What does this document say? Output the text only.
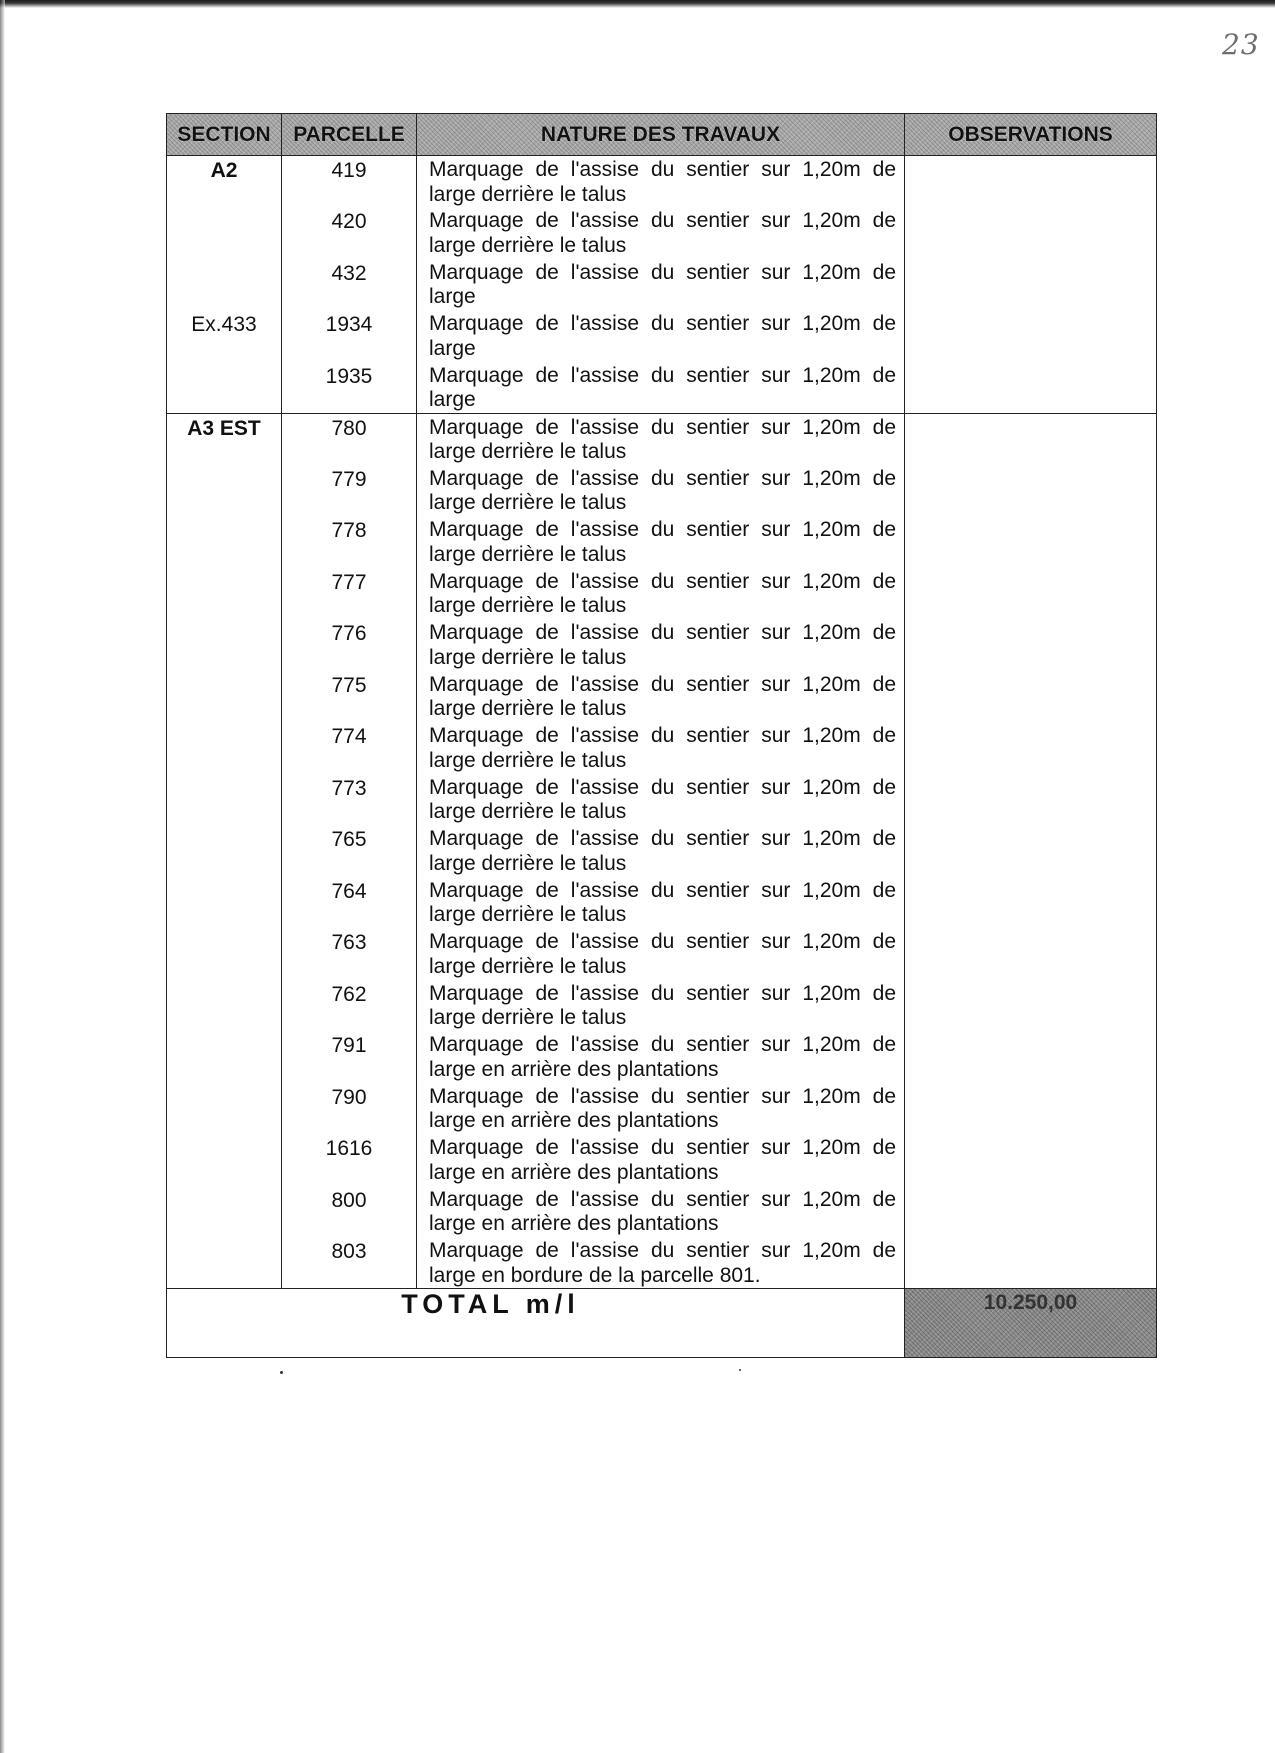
23
SECTION	PARCELLE	NATURE DES TRAVAUX	OBSERVATIONS
A2	419	Marquage de l'assise du sentier sur 1,20m de large derrière le talus	
	420	Marquage de l'assise du sentier sur 1,20m de large derrière le talus	
	432	Marquage de l'assise du sentier sur 1,20m de large	
Ex.433	1934	Marquage de l'assise du sentier sur 1,20m de large	
	1935	Marquage de l'assise du sentier sur 1,20m de large	
A3 EST	780	Marquage de l'assise du sentier sur 1,20m de large derrière le talus	
	779	Marquage de l'assise du sentier sur 1,20m de large derrière le talus	
	778	Marquage de l'assise du sentier sur 1,20m de large derrière le talus	
	777	Marquage de l'assise du sentier sur 1,20m de large derrière le talus	
	776	Marquage de l'assise du sentier sur 1,20m de large derrière le talus	
	775	Marquage de l'assise du sentier sur 1,20m de large derrière le talus	
	774	Marquage de l'assise du sentier sur 1,20m de large derrière le talus	
	773	Marquage de l'assise du sentier sur 1,20m de large derrière le talus	
	765	Marquage de l'assise du sentier sur 1,20m de large derrière le talus	
	764	Marquage de l'assise du sentier sur 1,20m de large derrière le talus	
	763	Marquage de l'assise du sentier sur 1,20m de large derrière le talus	
	762	Marquage de l'assise du sentier sur 1,20m de large derrière le talus	
	791	Marquage de l'assise du sentier sur 1,20m de large en arrière des plantations	
	790	Marquage de l'assise du sentier sur 1,20m de large en arrière des plantations	
	1616	Marquage de l'assise du sentier sur 1,20m de large en arrière des plantations	
	800	Marquage de l'assise du sentier sur 1,20m de large en arrière des plantations	
	803	Marquage de l'assise du sentier sur 1,20m de large en bordure de la parcelle 801.	
TOTAL m/l			10.250,00
